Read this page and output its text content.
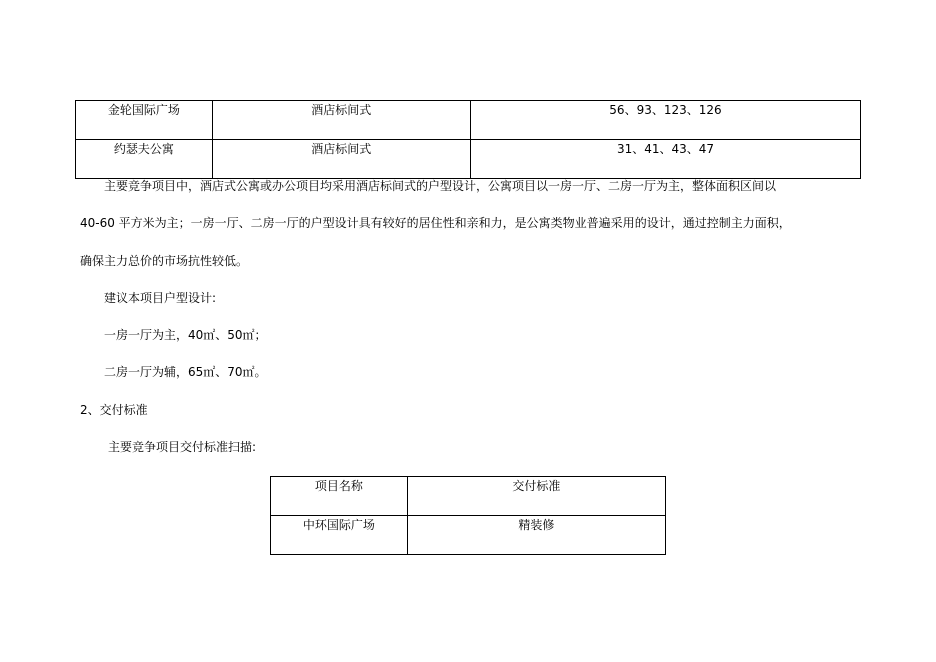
金轮国际广场	酒店标间式	56、93、123、126
约瑟夫公寓	酒店标间式	31、41、43、47
主要竞争项目中，酒店式公寓或办公项目均采用酒店标间式的户型设计，公寓项目以一房一厅、二房一厅为主，整体面积区间以
40-60 平方米为主；一房一厅、二房一厅的户型设计具有较好的居住性和亲和力，是公寓类物业普遍采用的设计，通过控制主力面积，
确保主力总价的市场抗性较低。
建议本项目户型设计:
一房一厅为主，40㎡、50㎡；
二房一厅为辅，65㎡、70㎡。
2、交付标准
主要竞争项目交付标准扫描:
项目名称	交付标准
中环国际广场	精装修
